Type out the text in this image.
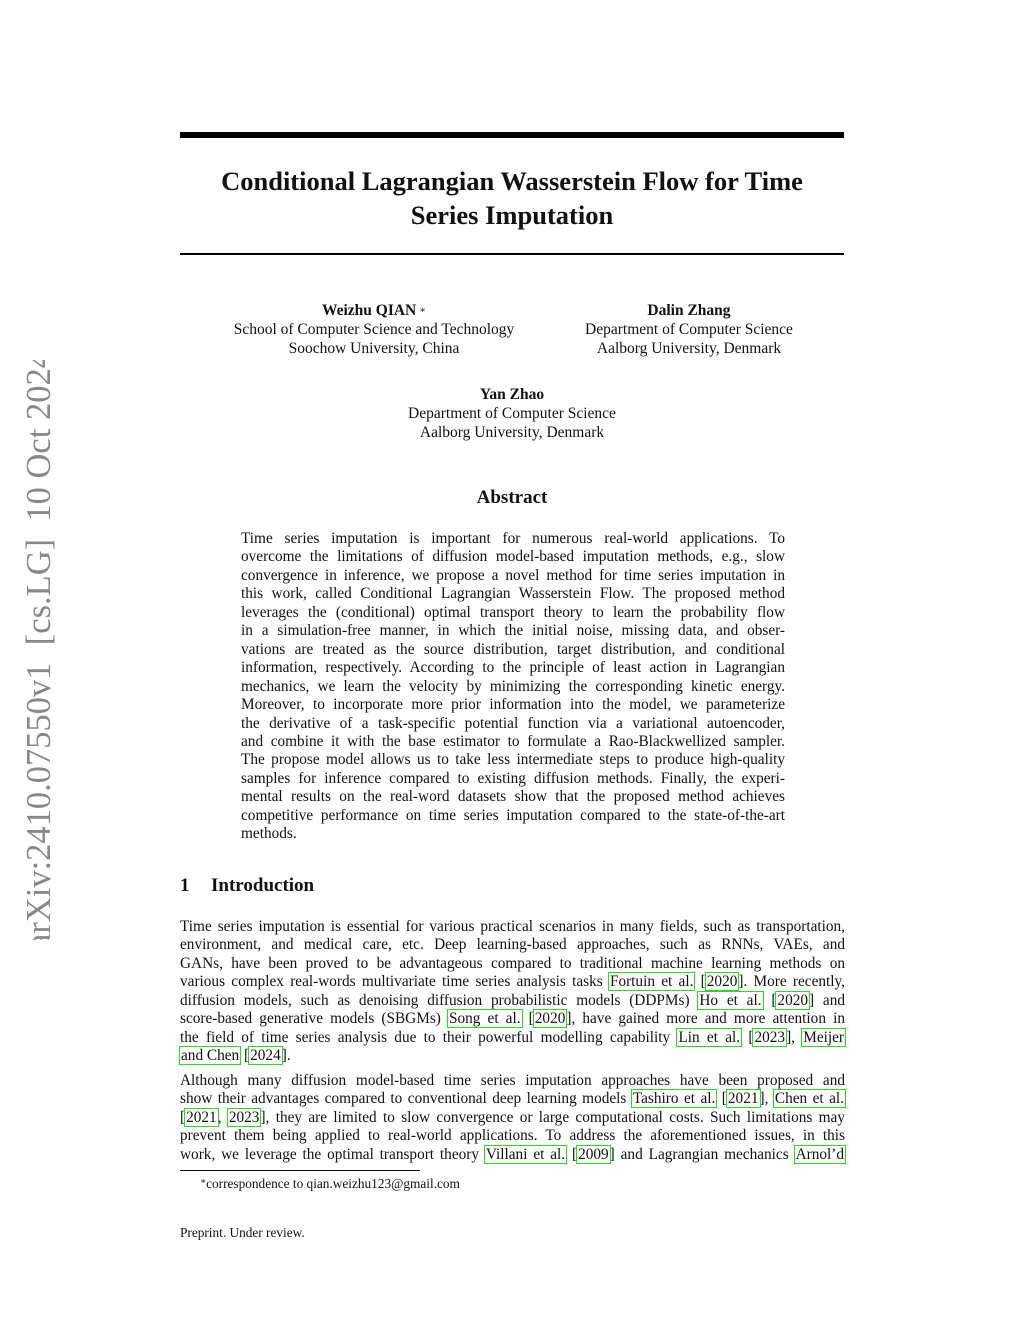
arXiv:2410.07550v1  [cs.LG]  10 Oct 2024
Conditional Lagrangian Wasserstein Flow for Time
Series Imputation
Weizhu QIAN ∗
School of Computer Science and Technology
Soochow University, China
Dalin Zhang
Department of Computer Science
Aalborg University, Denmark
Yan Zhao
Department of Computer Science
Aalborg University, Denmark
Abstract

Time series imputation is important for numerous real-world applications. To
overcome the limitations of diffusion model-based imputation methods, e.g., slow
convergence in inference, we propose a novel method for time series imputation in
this work, called Conditional Lagrangian Wasserstein Flow. The proposed method
leverages the (conditional) optimal transport theory to learn the probability flow
in a simulation-free manner, in which the initial noise, missing data, and obser-
vations are treated as the source distribution, target distribution, and conditional
information, respectively. According to the principle of least action in Lagrangian
mechanics, we learn the velocity by minimizing the corresponding kinetic energy.
Moreover, to incorporate more prior information into the model, we parameterize
the derivative of a task-specific potential function via a variational autoencoder,
and combine it with the base estimator to formulate a Rao-Blackwellized sampler.
The propose model allows us to take less intermediate steps to produce high-quality
samples for inference compared to existing diffusion methods. Finally, the experi-
mental results on the real-word datasets show that the proposed method achieves
competitive performance on time series imputation compared to the state-of-the-art
methods.

1 Introduction

Time series imputation is essential for various practical scenarios in many fields, such as transportation,
environment, and medical care, etc. Deep learning-based approaches, such as RNNs, VAEs, and
GANs, have been proved to be advantageous compared to traditional machine learning methods on
various complex real-words multivariate time series analysis tasks Fortuin et al. [2020]. More recently,
diffusion models, such as denoising diffusion probabilistic models (DDPMs) Ho et al. [2020] and
score-based generative models (SBGMs) Song et al. [2020], have gained more and more attention in
the field of time series analysis due to their powerful modelling capability Lin et al. [2023], Meijer
and Chen [2024].

Although many diffusion model-based time series imputation approaches have been proposed and
show their advantages compared to conventional deep learning models Tashiro et al. [2021], Chen et al.
[2021, 2023], they are limited to slow convergence or large computational costs. Such limitations may
prevent them being applied to real-world applications. To address the aforementioned issues, in this
work, we leverage the optimal transport theory Villani et al. [2009] and Lagrangian mechanics Arnol’d

∗correspondence to qian.weizhu123@gmail.com

Preprint. Under review.
